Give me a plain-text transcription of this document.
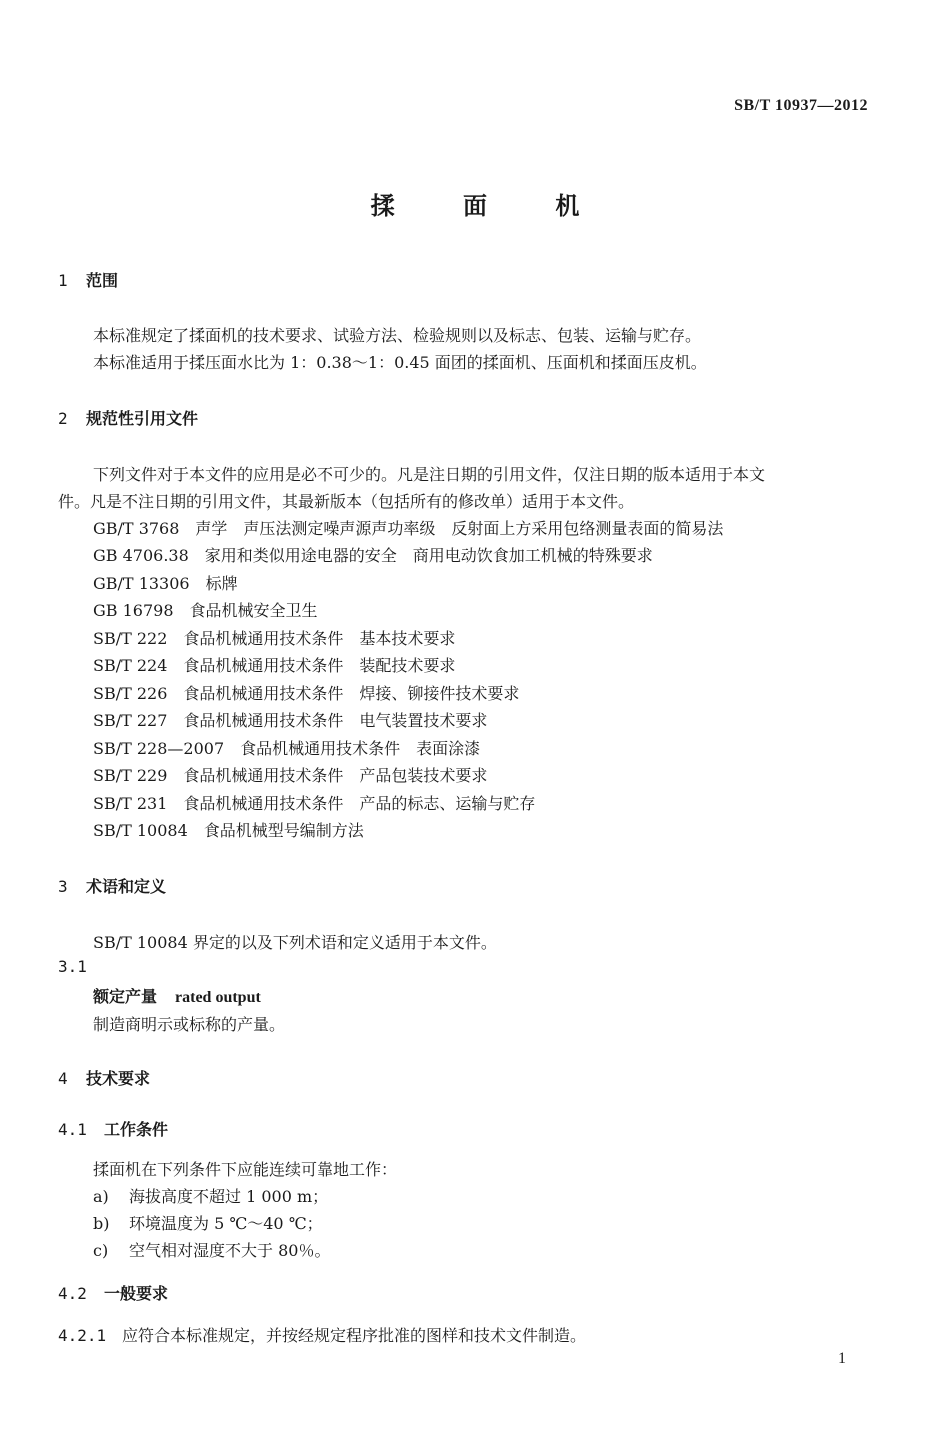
SB/T 10937—2012
揉	面	机
1 范围
本标准规定了揉面机的技术要求、试验方法、检验规则以及标志、包装、运输与贮存。
本标准适用于揉压面水比为 1：0.38～1：0.45 面团的揉面机、压面机和揉面压皮机。
2 规范性引用文件
下列文件对于本文件的应用是必不可少的。凡是注日期的引用文件，仅注日期的版本适用于本文
件。凡是不注日期的引用文件，其最新版本（包括所有的修改单）适用于本文件。
GB/T 3768 声学　声压法测定噪声源声功率级　反射面上方采用包络测量表面的简易法
GB 4706.38 家用和类似用途电器的安全　商用电动饮食加工机械的特殊要求
GB/T 13306 标牌
GB 16798 食品机械安全卫生
SB/T 222 食品机械通用技术条件　基本技术要求
SB/T 224 食品机械通用技术条件　装配技术要求
SB/T 226 食品机械通用技术条件　焊接、铆接件技术要求
SB/T 227 食品机械通用技术条件　电气装置技术要求
SB/T 228—2007 食品机械通用技术条件　表面涂漆
SB/T 229 食品机械通用技术条件　产品包装技术要求
SB/T 231 食品机械通用技术条件　产品的标志、运输与贮存
SB/T 10084 食品机械型号编制方法
3 术语和定义
SB/T 10084 界定的以及下列术语和定义适用于本文件。
3.1
额定产量 rated output
制造商明示或标称的产量。
4 技术要求
4.1 工作条件
揉面机在下列条件下应能连续可靠地工作：
a) 海拔高度不超过 1 000 m；
b) 环境温度为 5 ℃～40 ℃；
c) 空气相对湿度不大于 80％。
4.2 一般要求
4.2.1 应符合本标准规定，并按经规定程序批准的图样和技术文件制造。
1
